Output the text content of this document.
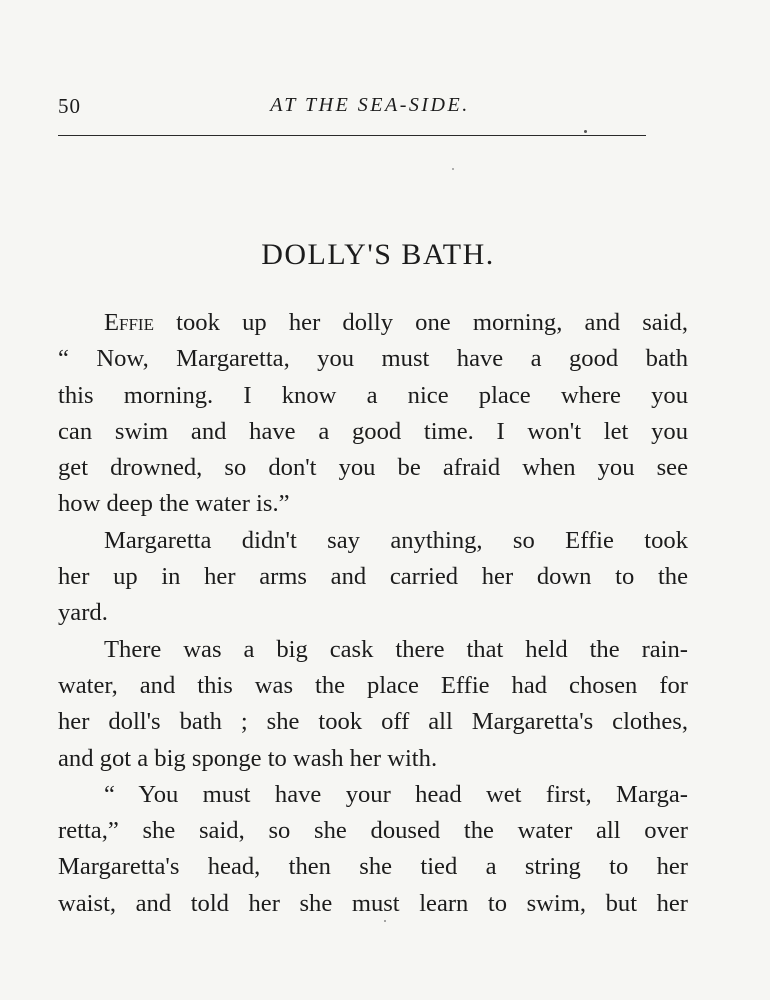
50	AT THE SEA-SIDE.
DOLLY'S BATH.
Effie took up her dolly one morning, and said,
“ Now, Margaretta, you must have a good bath
this morning. I know a nice place where you
can swim and have a good time. I won't let you
get drowned, so don't you be afraid when you see
how deep the water is.”
Margaretta didn't say anything, so Effie took
her up in her arms and carried her down to the
yard.
There was a big cask there that held the rain-
water, and this was the place Effie had chosen for
her doll's bath ; she took off all Margaretta's clothes,
and got a big sponge to wash her with.
“ You must have your head wet first, Marga-
retta,” she said, so she doused the water all over
Margaretta's head, then she tied a string to her
waist, and told her she must learn to swim, but her
